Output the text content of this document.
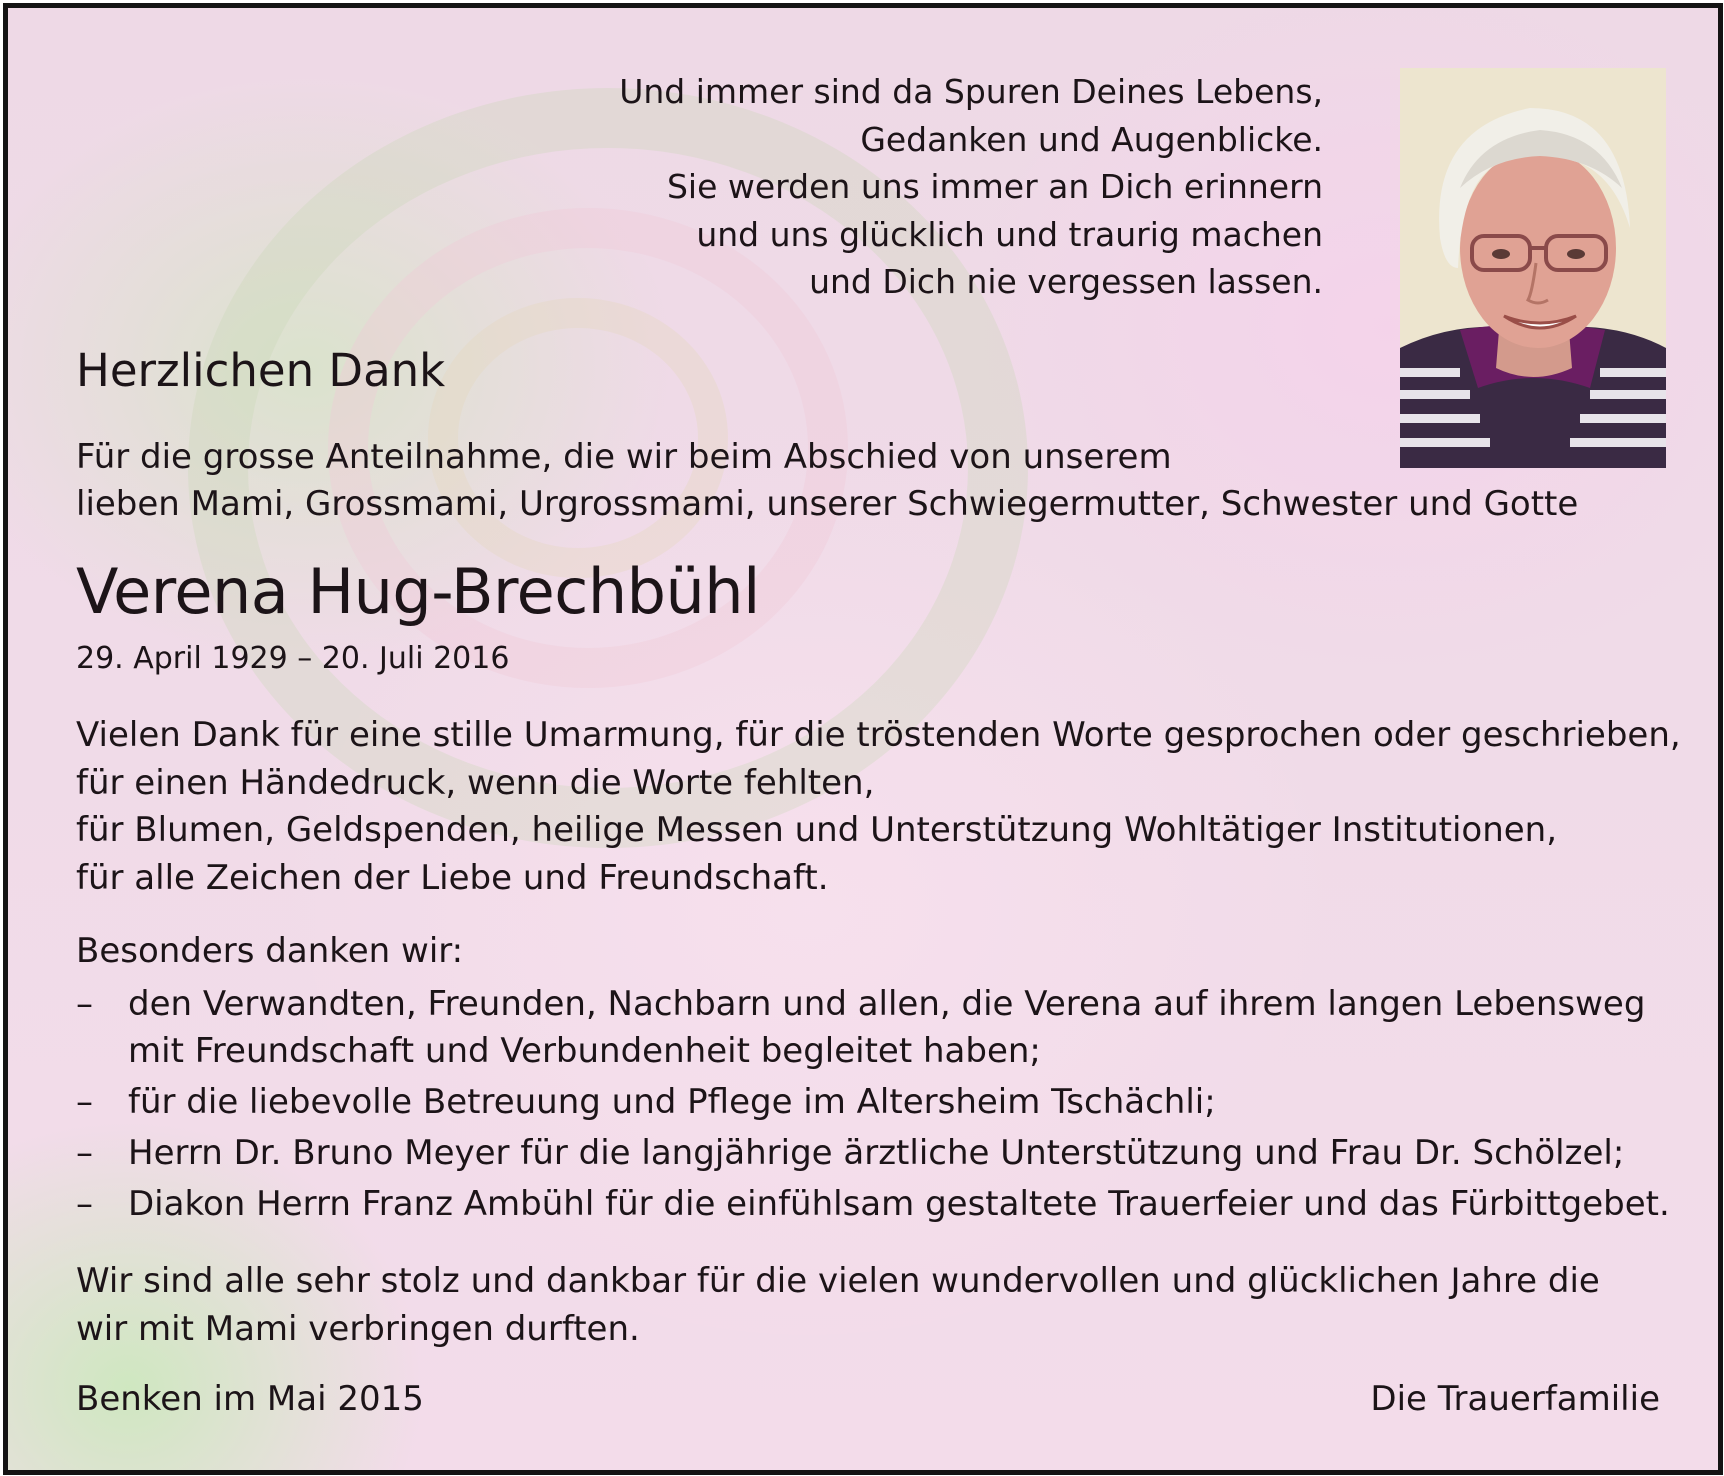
Und immer sind da Spuren Deines Lebens,
Gedanken und Augenblicke.
Sie werden uns immer an Dich erinnern
und uns glücklich und traurig machen
und Dich nie vergessen lassen.
Herzlichen Dank
Für die grosse Anteilnahme, die wir beim Abschied von unserem
lieben Mami, Grossmami, Urgrossmami, unserer Schwiegermutter, Schwester und Gotte
Verena Hug-Brechbühl
29. April 1929 – 20. Juli 2016
Vielen Dank für eine stille Umarmung, für die tröstenden Worte gesprochen oder geschrieben,
für einen Händedruck, wenn die Worte fehlten,
für Blumen, Geldspenden, heilige Messen und Unterstützung Wohltätiger Institutionen,
für alle Zeichen der Liebe und Freundschaft.
Besonders danken wir:
–	den Verwandten, Freunden, Nachbarn und allen, die Verena auf ihrem langen Lebensweg
mit Freundschaft und Verbundenheit begleitet haben;
–	für die liebevolle Betreuung und Pflege im Altersheim Tschächli;
–	Herrn Dr. Bruno Meyer für die langjährige ärztliche Unterstützung und Frau Dr. Schölzel;
–	Diakon Herrn Franz Ambühl für die einfühlsam gestaltete Trauerfeier und das Fürbittgebet.
Wir sind alle sehr stolz und dankbar für die vielen wundervollen und glücklichen Jahre die
wir mit Mami verbringen durften.
Benken im Mai 2015	Die Trauerfamilie
